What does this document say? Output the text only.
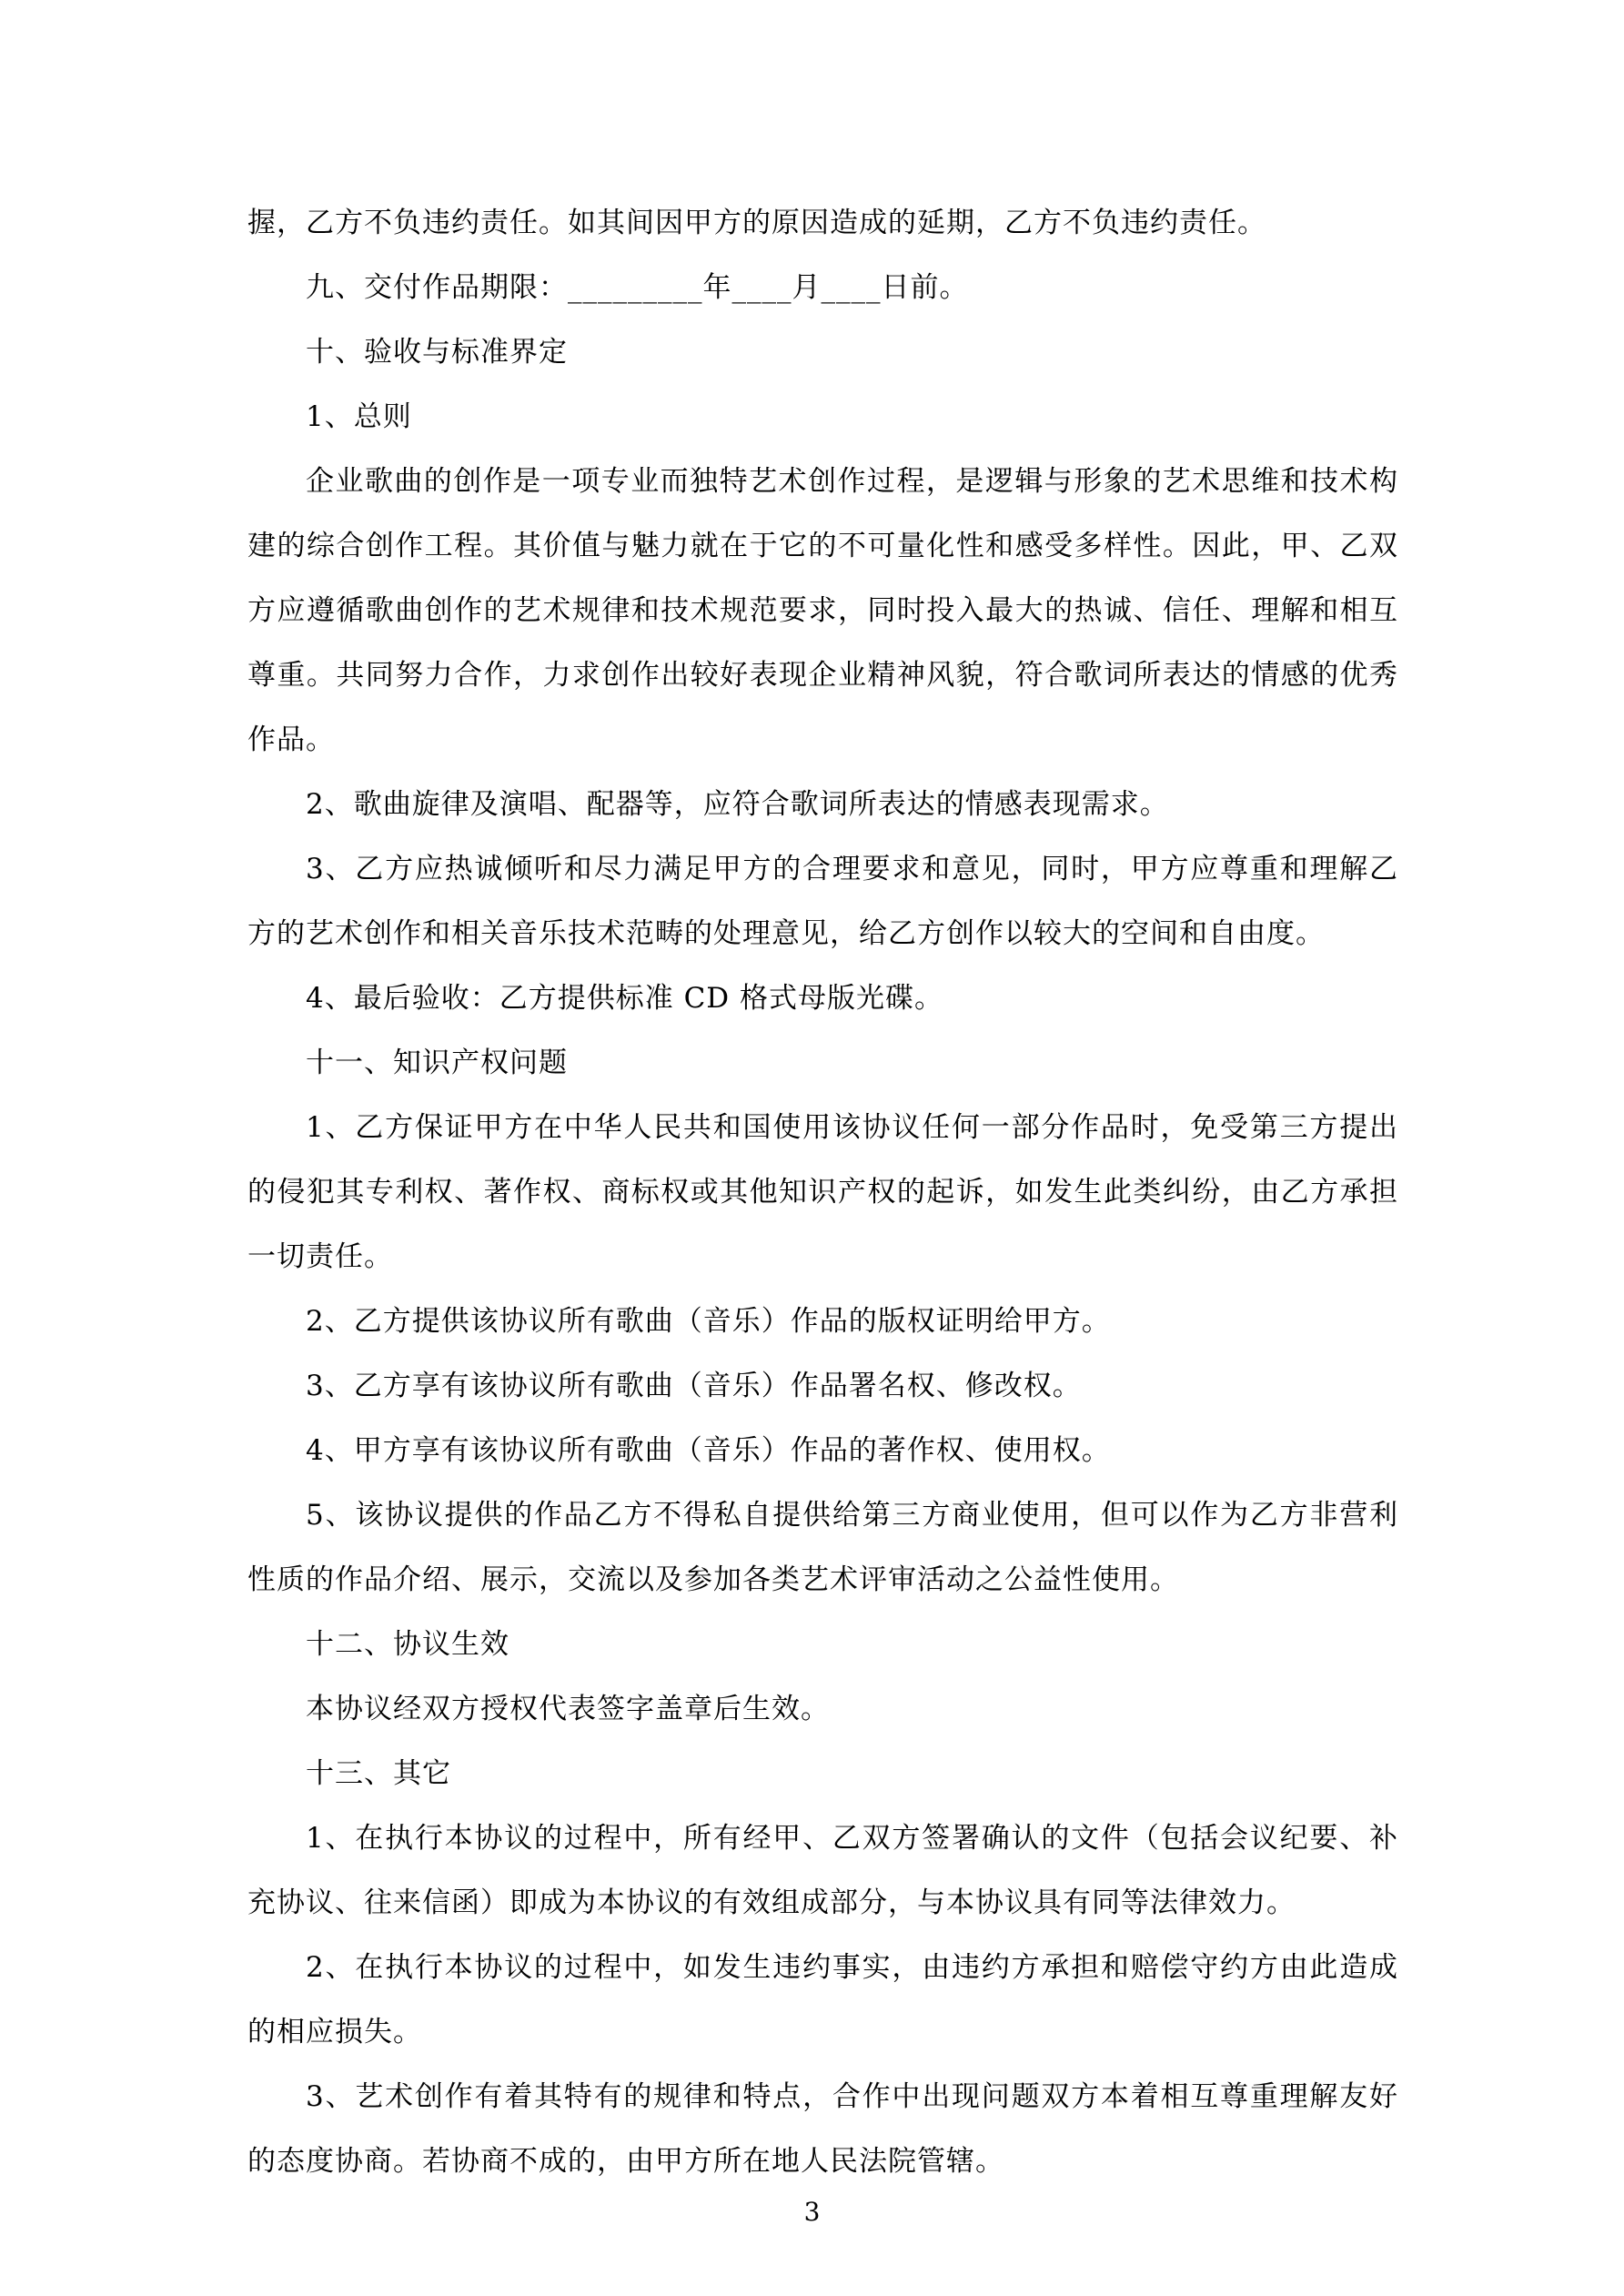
握，乙方不负违约责任。如其间因甲方的原因造成的延期，乙方不负违约责任。

九、交付作品期限：_________年____月____日前。

十、验收与标准界定

1、总则

企业歌曲的创作是一项专业而独特艺术创作过程，是逻辑与形象的艺术思维和技术构建的综合创作工程。其价值与魅力就在于它的不可量化性和感受多样性。因此，甲、乙双方应遵循歌曲创作的艺术规律和技术规范要求，同时投入最大的热诚、信任、理解和相互尊重。共同努力合作，力求创作出较好表现企业精神风貌，符合歌词所表达的情感的优秀作品。

2、歌曲旋律及演唱、配器等，应符合歌词所表达的情感表现需求。

3、乙方应热诚倾听和尽力满足甲方的合理要求和意见，同时，甲方应尊重和理解乙方的艺术创作和相关音乐技术范畴的处理意见，给乙方创作以较大的空间和自由度。

4、最后验收：乙方提供标准 CD 格式母版光碟。

十一、知识产权问题

1、乙方保证甲方在中华人民共和国使用该协议任何一部分作品时，免受第三方提出的侵犯其专利权、著作权、商标权或其他知识产权的起诉，如发生此类纠纷，由乙方承担一切责任。

2、乙方提供该协议所有歌曲（音乐）作品的版权证明给甲方。

3、乙方享有该协议所有歌曲（音乐）作品署名权、修改权。

4、甲方享有该协议所有歌曲（音乐）作品的著作权、使用权。

5、该协议提供的作品乙方不得私自提供给第三方商业使用，但可以作为乙方非营利性质的作品介绍、展示，交流以及参加各类艺术评审活动之公益性使用。

十二、协议生效

本协议经双方授权代表签字盖章后生效。

十三、其它

1、在执行本协议的过程中，所有经甲、乙双方签署确认的文件（包括会议纪要、补充协议、往来信函）即成为本协议的有效组成部分，与本协议具有同等法律效力。

2、在执行本协议的过程中，如发生违约事实，由违约方承担和赔偿守约方由此造成的相应损失。

3、艺术创作有着其特有的规律和特点，合作中出现问题双方本着相互尊重理解友好的态度协商。若协商不成的，由甲方所在地人民法院管辖。

3
